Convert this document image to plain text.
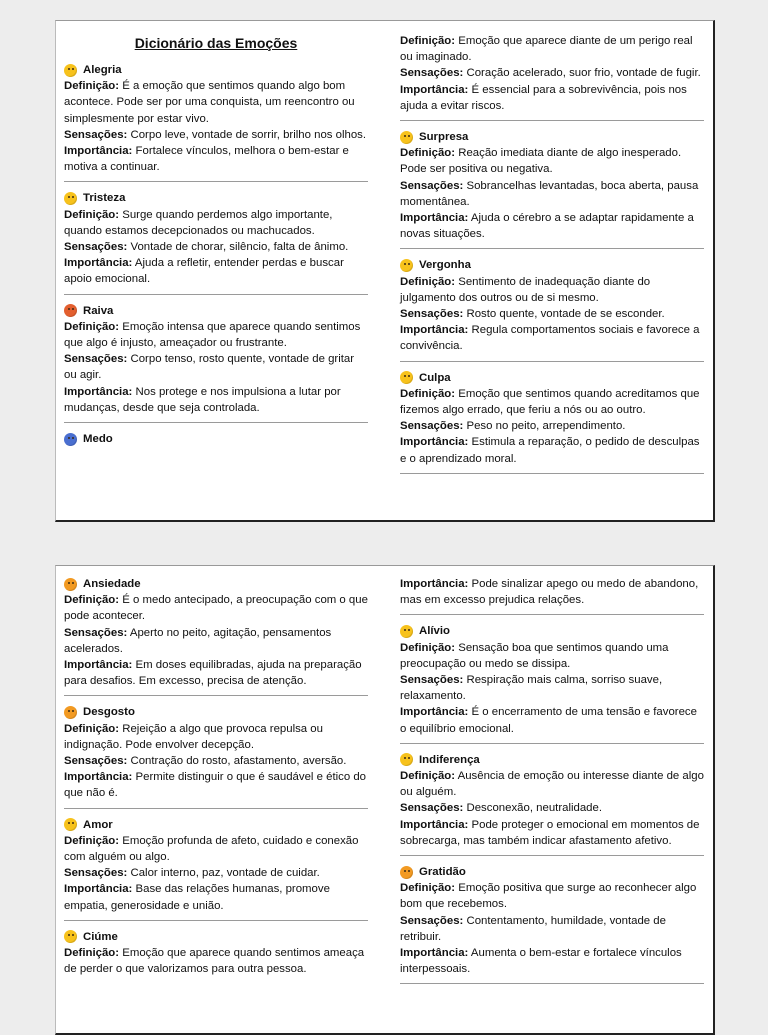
Dicionário das Emoções
Alegria
Definição: É a emoção que sentimos quando algo bom acontece. Pode ser por uma conquista, um reencontro ou simplesmente por estar vivo.
Sensações: Corpo leve, vontade de sorrir, brilho nos olhos.
Importância: Fortalece vínculos, melhora o bem-estar e motiva a continuar.
Tristeza
Definição: Surge quando perdemos algo importante, quando estamos decepcionados ou machucados.
Sensações: Vontade de chorar, silêncio, falta de ânimo.
Importância: Ajuda a refletir, entender perdas e buscar apoio emocional.
Raiva
Definição: Emoção intensa que aparece quando sentimos que algo é injusto, ameaçador ou frustrante.
Sensações: Corpo tenso, rosto quente, vontade de gritar ou agir.
Importância: Nos protege e nos impulsiona a lutar por mudanças, desde que seja controlada.
Medo
Definição: Emoção que aparece diante de um perigo real ou imaginado.
Sensações: Coração acelerado, suor frio, vontade de fugir.
Importância: É essencial para a sobrevivência, pois nos ajuda a evitar riscos.
Surpresa
Definição: Reação imediata diante de algo inesperado. Pode ser positiva ou negativa.
Sensações: Sobrancelhas levantadas, boca aberta, pausa momentânea.
Importância: Ajuda o cérebro a se adaptar rapidamente a novas situações.
Vergonha
Definição: Sentimento de inadequação diante do julgamento dos outros ou de si mesmo.
Sensações: Rosto quente, vontade de se esconder.
Importância: Regula comportamentos sociais e favorece a convivência.
Culpa
Definição: Emoção que sentimos quando acreditamos que fizemos algo errado, que feriu a nós ou ao outro.
Sensações: Peso no peito, arrependimento.
Importância: Estimula a reparação, o pedido de desculpas e o aprendizado moral.
Ansiedade
Definição: É o medo antecipado, a preocupação com o que pode acontecer.
Sensações: Aperto no peito, agitação, pensamentos acelerados.
Importância: Em doses equilibradas, ajuda na preparação para desafios. Em excesso, precisa de atenção.
Desgosto
Definição: Rejeição a algo que provoca repulsa ou indignação. Pode envolver decepção.
Sensações: Contração do rosto, afastamento, aversão.
Importância: Permite distinguir o que é saudável e ético do que não é.
Amor
Definição: Emoção profunda de afeto, cuidado e conexão com alguém ou algo.
Sensações: Calor interno, paz, vontade de cuidar.
Importância: Base das relações humanas, promove empatia, generosidade e união.
Ciúme
Definição: Emoção que aparece quando sentimos ameaça de perder o que valorizamos para outra pessoa.
Importância: Pode sinalizar apego ou medo de abandono, mas em excesso prejudica relações.
Alívio
Definição: Sensação boa que sentimos quando uma preocupação ou medo se dissipa.
Sensações: Respiração mais calma, sorriso suave, relaxamento.
Importância: É o encerramento de uma tensão e favorece o equilíbrio emocional.
Indiferença
Definição: Ausência de emoção ou interesse diante de algo ou alguém.
Sensações: Desconexão, neutralidade.
Importância: Pode proteger o emocional em momentos de sobrecarga, mas também indicar afastamento afetivo.
Gratidão
Definição: Emoção positiva que surge ao reconhecer algo bom que recebemos.
Sensações: Contentamento, humildade, vontade de retribuir.
Importância: Aumenta o bem-estar e fortalece vínculos interpessoais.
